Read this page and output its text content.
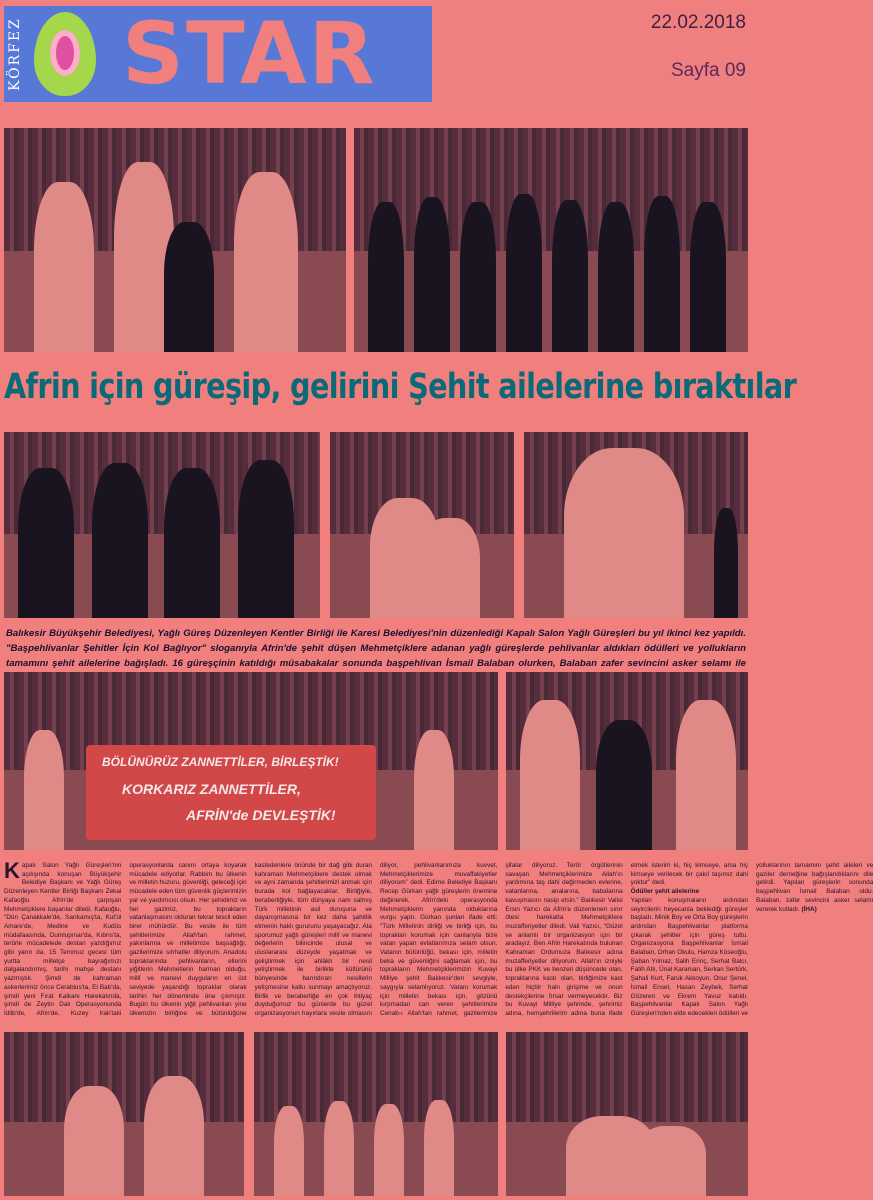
KÖRFEZ STAR	22.02.2018
Sayfa 09
Afrin için güreşip, gelirini Şehit ailelerine bıraktılar
Balıkesir Büyükşehir Belediyesi, Yağlı Güreş Düzenleyen Kentler Birliği ile Karesi Belediyesi'nin düzenlediği Kapalı Salon Yağlı Güreşleri bu yıl ikinci kez yapıldı. "Başpehlivanlar Şehitler İçin Kol Bağlıyor" sloganıyla Afrin'de şehit düşen Mehmetçiklere adanan yağlı güreşlerde pehlivanlar aldıkları ödülleri ve yollukların tamamını şehit ailelerine bağışladı. 16 güreşçinin katıldığı müsabakalar sonunda başpehlivan İsmail Balaban olurken, Balaban zafer sevincini asker selamı ile
BÖLÜNÜRÜZ ZANNETTİLER, BİRLEŞTİK!
KORKARIZ ZANNETTİLER,
AFRİN'de DEVLEŞTİK!

Kapalı Salon Yağlı Güreşleri'nin açılışında konuşan Büyükşehir Belediye Başkanı ve Yağlı Güreş Düzenleyen Kentler Birliği Başkanı Zekai Kafaoğlu Afrin'de çarpışan Mehmetçiklere başarılar diledi. Kafaoğlu, "Dün Çanakkale'de, Sarıkamış'ta, Kut'ül Amare'de, Medine ve Kudüs müdafaasında, Dumlupınar'da, Kıbrıs'ta, terörle mücadelede destan yazdığımız gibi yarın da, 15 Temmuz gecesi tüm yurtta milletçe bayrağımızı dalgalandırmış, tarihi mahşe destanı yazmıştık. Şimdi de kahraman askerlerimiz önce Cerablus'ta, El Bab'da, şimdi yeni Fırat Kalkanı Harekatında, şimdi de Zeytin Dalı Operasyonunda İdlib'de, Afrin'de, Kuzey Irak'taki operasyonlarda canını ortaya koyarak mücadele ediyorlar. Rabbim bu ülkenin ve milletin huzuru, güvenliği, geleceği için mücadele eden tüm güvenlik güçlerimizin yar ve yardımcısı olsun. Her şehidimiz ve her gazimiz, bu toprakların vatanlaşmasını olduran tekrar tescil eden birer mühürdür. Bu vesile ile tüm şehitlerimize Allah'tan rahmet, yakınlarına ve milletimize başsağlığı, gazilerimize sıhhatler diliyorum. Anadolu topraklarında pehlivanların, ellerini yiğitlerin Mehmetlerin harman olduğu, millî ve manevi duyguların en üst seviyede yaşandığı topraklar olarak tarihin her döneminde öne çıkmıştır. Bugün bu ülkenin yiğit pehlivanları yine ülkemizin birliğine ve bütünlüğüne kastedenlere önünde bir dağ gibi duran kahraman Mehmetçiklere destek olmak ve ayni zamanda şehitlerimizi anmak için burada kol bağlayacaklar. Birliğiyle, beraberliğiyle, tüm dünyaya nam salmış Türk milletinin asil duruşuna ve dayanışmasına bir kez daha şahitlik etmenin haklı gururunu yaşayacağız. Ata sporumuz yağlı güreşleri millî ve manevi değerlerin bilincinde ulusal ve uluslararası düzeyde yaşatmak ve geliştirmek için ahlâklı bir nesil yetiştirmek ile birlikte kültürünü bünyesinde barındıran nesillerin yetişmesine katkı sunmayı amaçlıyoruz. Birlik ve beraberliğe en çok ihtiyaç duyduğumuz bu günlerde bu güzel organizasyonun hayırlara vesile olmasını diliyor, pehlivanlarımıza kuvvet, Mehmetçiklerimize muvaffakiyetler diliyorum" dedi. Edirne Belediye Başkanı Recep Gürkan yağlı güreşlerin önemine değinerek, Afrin'deki operasyonda Mehmetçiklerin yanında olduklarına vurgu yaptı. Gürkan şunları ifade etti: "Türk Milletinin dirliği ve birliği için, bu toprakları korumak için canlarıyla bize vatan yapan evlatlarımıza selam olsun. Vatanın bütünlüğü, bekası için, milletin beka ve güvenliğini sağlamak için, bu toprakların Mehmetçiklerimizin Kuvayi Milliye şehit Balıkesir'den sevgiyle, saygıyla selamlıyoruz. Vatanı korumak için milletin bekası için, gözünü kırpmadan can veren şehitlerimize Cenab-ı Allah'tan rahmet, gazilerimize şifalar diliyoruz. Terör örgütlerinin savaşan Mehmetçiklerimize Allah'ın yardımına taş dahi değirmeden evlerine, vatanlarına, analarına, babalarına kavuşmasını nasip etsin." Balıkesir Valisi Ersin Yazıcı da Afrin'e düzenlenen sınır ötesi harekatta Mehmetçiklere muzafferiyetler diledi. Vali Yazıcı, "Güzel ve anlamlı bir organizasyon için bir aradayız. Ben Afrin Harekatında bulunan Kahraman Ordumuza Balıkesir adına muzafferiyetler diliyorum. Allah'ın izniyle bu ülke PKK ve benzeri düşüncede olan, topraklarına kastı olan, birliğimize kast eden hiçbir hain girişime ve onun destekçilerine fırsat vermeyecektir. Biz bu Kuvayi Milliye şehrinde, şehrimiz adına, hemşehrilerim adına buna ifade etmek isterim ki, hiç kimseye, ama hiç kimseye verilecek bir çakıl taşımız dahi yoktur" dedi.

Ödüller şehit ailelerine
Yapılan konuşmaların ardından seyircilerin heyecanla beklediği güreşler başladı. Minik Boy ve Orta Boy güreşlerin ardından Başpehlivanlar platforma çıkarak şehitler için güreş tuttu. Organizasyona Başpehlivanlar İsmail Balaban, Orhan Okulu, Hamza Köseoğlu, Şaban Yılmaz, Salih Erinç, Serhat Balcı, Fatih Atlı, Ünal Karaman, Serkan Sertürk, Şahali Kurt, Faruk Akkoyun, Onur Şenel, İsmail Ensel, Hasan Zeybek, Serhat Gözeren ve Ekrem Yavuz katıldı. Başpehlivanlar Kapalı Salon Yağlı Güreşleri'nden elde edecekleri ödülleri ve yolluklarının tamamını şehit aileleri ve gaziler derneğine bağışlandıklarını dile getirdi. Yapılan güreşlerin sonunda başpehlivan İsmail Balaban oldu. Balaban, zafer sevincini asker selamı vererek kutladı. (İHA)
